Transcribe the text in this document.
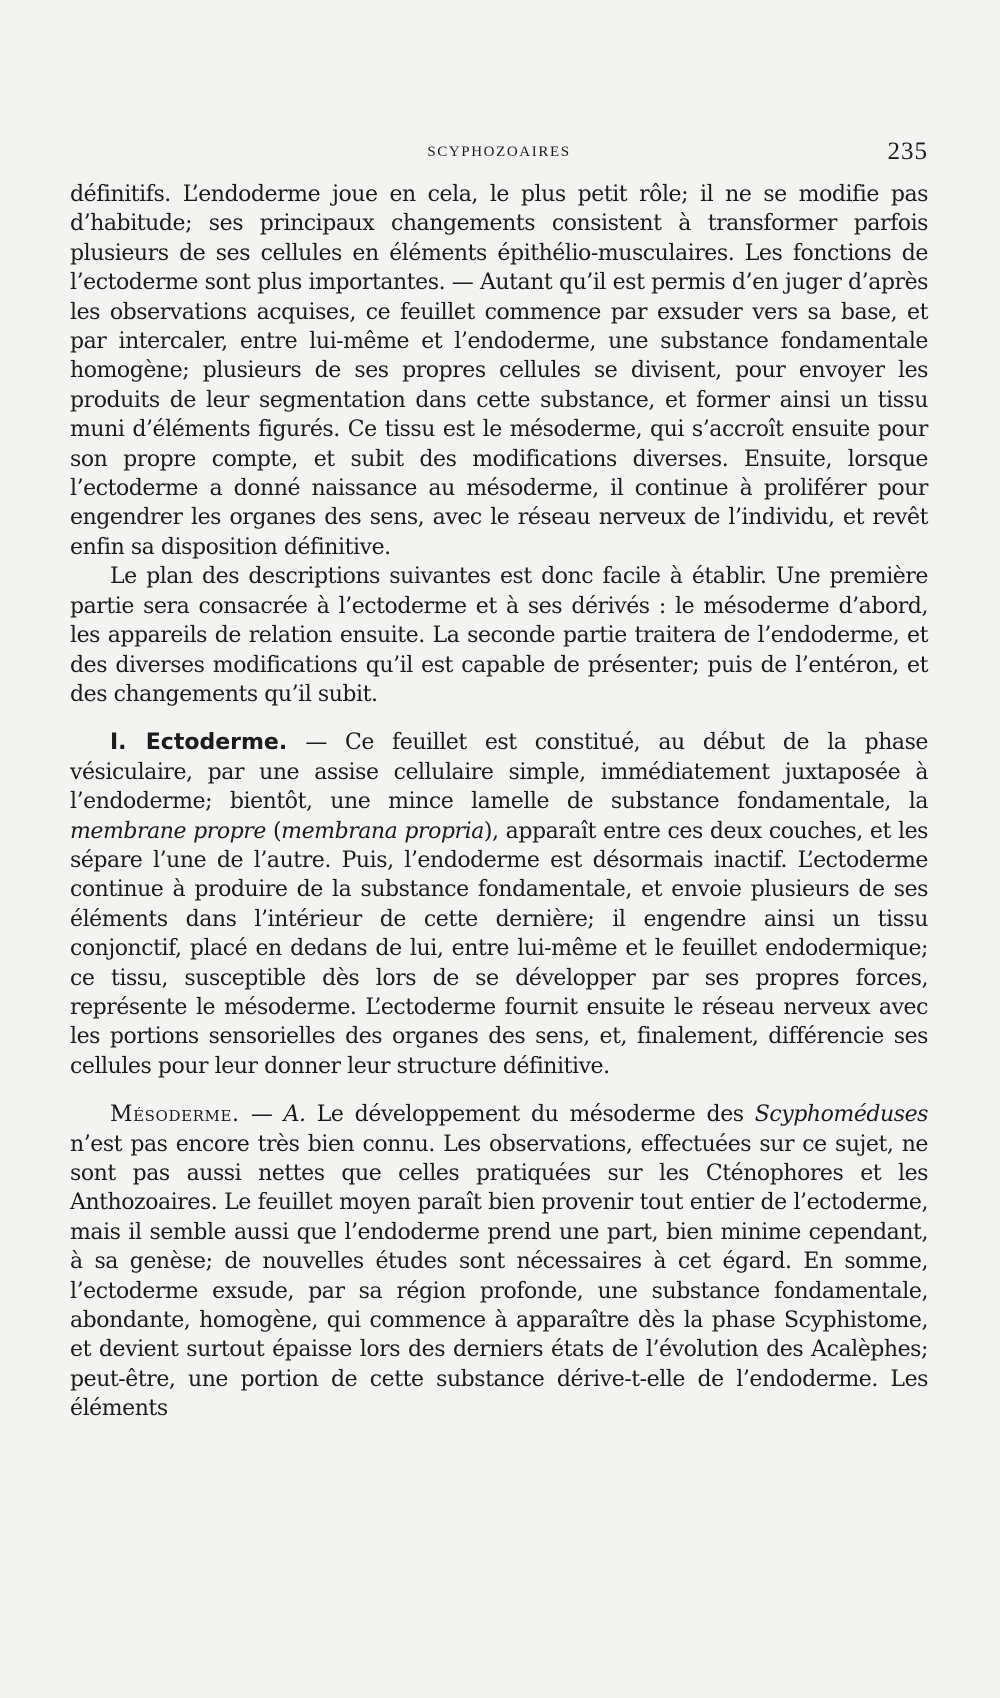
SCYPHOZOAIRES	235

définitifs. L’endoderme joue en cela, le plus petit rôle; il ne se modifie pas d’habitude; ses principaux changements consistent à transformer parfois plusieurs de ses cellules en éléments épithélio-musculaires. Les fonctions de l’ectoderme sont plus importantes. — Autant qu’il est permis d’en juger d’après les observations acquises, ce feuillet commence par exsuder vers sa base, et par intercaler, entre lui-même et l’endoderme, une substance fondamentale homogène; plusieurs de ses propres cellules se divisent, pour envoyer les produits de leur segmentation dans cette substance, et former ainsi un tissu muni d’éléments figurés. Ce tissu est le mésoderme, qui s’accroît ensuite pour son propre compte, et subit des modifications diverses. Ensuite, lorsque l’ectoderme a donné naissance au mésoderme, il continue à proliférer pour engendrer les organes des sens, avec le réseau nerveux de l’individu, et revêt enfin sa disposition définitive.

Le plan des descriptions suivantes est donc facile à établir. Une première partie sera consacrée à l’ectoderme et à ses dérivés : le mésoderme d’abord, les appareils de relation ensuite. La seconde partie traitera de l’endoderme, et des diverses modifications qu’il est capable de présenter; puis de l’entéron, et des changements qu’il subit.

I. Ectoderme. — Ce feuillet est constitué, au début de la phase vésiculaire, par une assise cellulaire simple, immédiatement juxtaposée à l’endoderme; bientôt, une mince lamelle de substance fondamentale, la membrane propre (membrana propria), apparaît entre ces deux couches, et les sépare l’une de l’autre. Puis, l’endoderme est désormais inactif. L’ectoderme continue à produire de la substance fondamentale, et envoie plusieurs de ses éléments dans l’intérieur de cette dernière; il engendre ainsi un tissu conjonctif, placé en dedans de lui, entre lui-même et le feuillet endodermique; ce tissu, susceptible dès lors de se développer par ses propres forces, représente le mésoderme. L’ectoderme fournit ensuite le réseau nerveux avec les portions sensorielles des organes des sens, et, finalement, différencie ses cellules pour leur donner leur structure définitive.

Mésoderme. — A. Le développement du mésoderme des Scyphoméduses n’est pas encore très bien connu. Les observations, effectuées sur ce sujet, ne sont pas aussi nettes que celles pratiquées sur les Cténophores et les Anthozoaires. Le feuillet moyen paraît bien provenir tout entier de l’ectoderme, mais il semble aussi que l’endoderme prend une part, bien minime cependant, à sa genèse; de nouvelles études sont nécessaires à cet égard. En somme, l’ectoderme exsude, par sa région profonde, une substance fondamentale, abondante, homogène, qui commence à apparaître dès la phase Scyphistome, et devient surtout épaisse lors des derniers états de l’évolution des Acalèphes; peut-être, une portion de cette substance dérive-t-elle de l’endoderme. Les éléments
